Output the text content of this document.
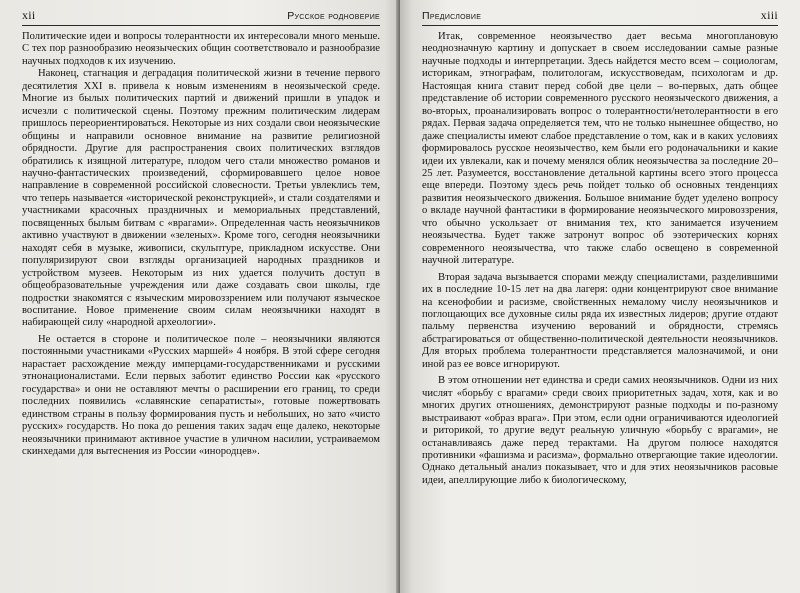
xii	Русское родноверие

Политические идеи и вопросы толерантности их интересовали много меньше. С тех пор разнообразию неоязыческих общин соответствовало и разнообразие научных подходов к их изучению.

Наконец, стагнация и деградация политической жизни в течение первого десятилетия XXI в. привела к новым изменениям в неоязыческой среде. Многие из былых политических партий и движений пришли в упадок и исчезли с политической сцены. Поэтому прежним политическим лидерам пришлось переориентироваться. Некоторые из них создали свои неоязыческие общины и направили основное внимание на развитие религиозной обрядности. Другие для распространения своих политических взглядов обратились к изящной литературе, плодом чего стали множество романов и научно-фантастических произведений, сформировавшего целое новое направление в современной российской словесности. Третьи увлеклись тем, что теперь называется «исторической реконструкцией», и стали создателями и участниками красочных праздничных и мемориальных представлений, посвященных былым битвам с «врагами». Определенная часть неоязычников активно участвуют в движении «зеленых». Кроме того, сегодня неоязычники находят себя в музыке, живописи, скульптуре, прикладном искусстве. Они популяризируют свои взгляды организацией народных праздников и устройством музеев. Некоторым из них удается получить доступ в общеобразовательные учреждения или даже создавать свои школы, где подростки знакомятся с языческим мировоззрением или получают языческое воспитание. Новое применение своим силам неоязычники находят в набирающей силу «народной археологии».

Не остается в стороне и политическое поле – неоязычники являются постоянными участниками «Русских маршей» 4 ноября. В этой сфере сегодня нарастает расхождение между имперцами-государственниками и русскими этнонационалистами. Если первых заботит единство России как «русского государства» и они не оставляют мечты о расширении его границ, то среди последних появились «славянские сепаратисты», готовые пожертвовать единством страны в пользу формирования пусть и небольших, но зато «чисто русских» государств. Но пока до решения таких задач еще далеко, некоторые неоязычники принимают активное участие в уличном насилии, устраиваемом скинхедами для вытеснения из России «инородцев».

Предисловие	xiii

Итак, современное неоязычество дает весьма многоплановую неоднозначную картину и допускает в своем исследовании самые разные научные подходы и интерпретации. Здесь найдется место всем – социологам, историкам, этнографам, политологам, искусствоведам, психологам и др. Настоящая книга ставит перед собой две цели – во-первых, дать общее представление об истории современного русского неоязыческого движения, а во-вторых, проанализировать вопрос о толерантности/нетолерантности в его рядах. Первая задача определяется тем, что не только нынешнее общество, но даже специалисты имеют слабое представление о том, как и в каких условиях формировалось русское неоязычество, кем были его родоначальники и какие идеи их увлекали, как и почему менялся облик неоязычества за последние 20–25 лет. Разумеется, восстановление детальной картины всего этого процесса еще впереди. Поэтому здесь речь пойдет только об основных тенденциях развития неоязыческого движения. Большое внимание будет уделено вопросу о вкладе научной фантастики в формирование неоязыческого мировоззрения, что обычно ускользает от внимания тех, кто занимается изучением неоязычества. Будет также затронут вопрос об эзотерических корнях современного неоязычества, что также слабо освещено в современной научной литературе.

Вторая задача вызывается спорами между специалистами, разделившими их в последние 10-15 лет на два лагеря: одни концентрируют свое внимание на ксенофобии и расизме, свойственных немалому числу неоязычников и поглощающих все духовные силы ряда их известных лидеров; другие отдают пальму первенства изучению верований и обрядности, стремясь абстрагироваться от общественно-политической деятельности неоязычников. Для вторых проблема толерантности представляется малозначимой, и они иной раз ее вовсе игнорируют.

В этом отношении нет единства и среди самих неоязычников. Одни из них числят «борьбу с врагами» среди своих приоритетных задач, хотя, как и во многих других отношениях, демонстрируют разные подходы и по-разному выстраивают «образ врага». При этом, если одни ограничиваются идеологией и риторикой, то другие ведут реальную уличную «борьбу с врагами», не останавливаясь даже перед терактами. На другом полюсе находятся противники «фашизма и расизма», формально отвергающие такие идеологии. Однако детальный анализ показывает, что и для этих неоязычников расовые идеи, апеллирующие либо к биологическому,
